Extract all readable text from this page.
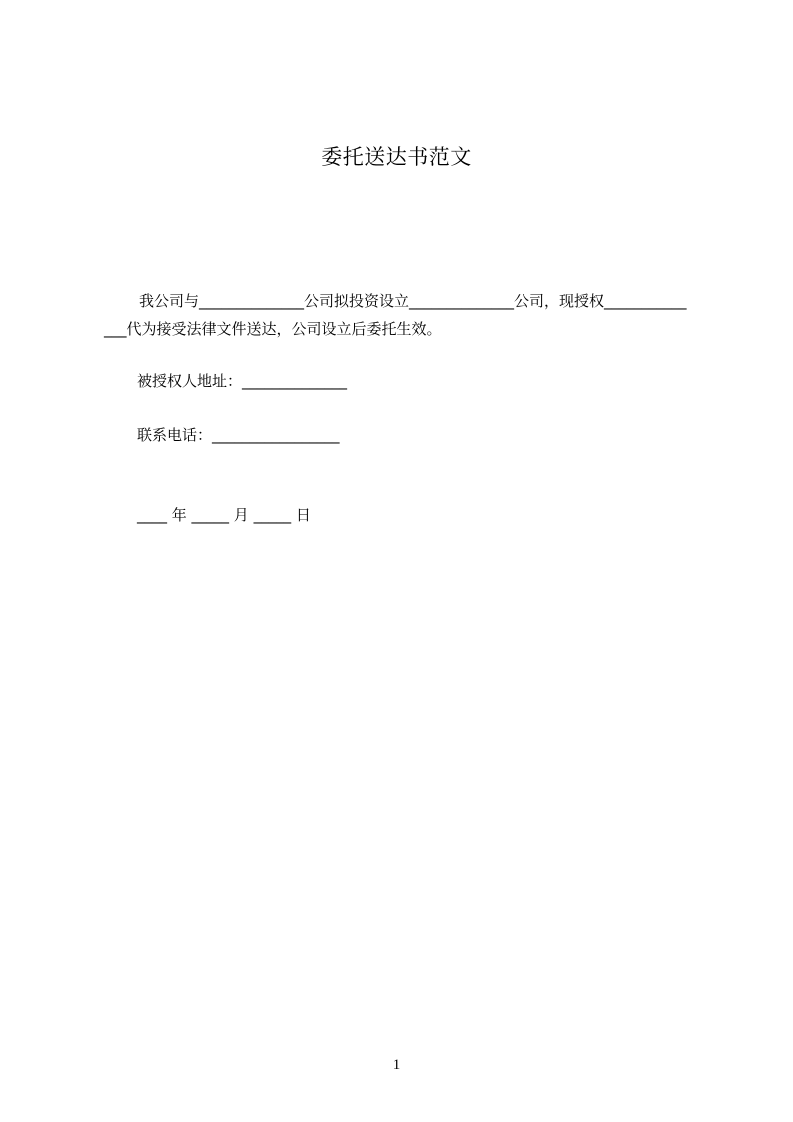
委托送达书范文
我公司与______________公司拟投资设立______________公司，现授权___________
___代为接受法律文件送达，公司设立后委托生效。
被授权人地址：______________
联系电话：_________________
____ 年 _____ 月 _____ 日
1
